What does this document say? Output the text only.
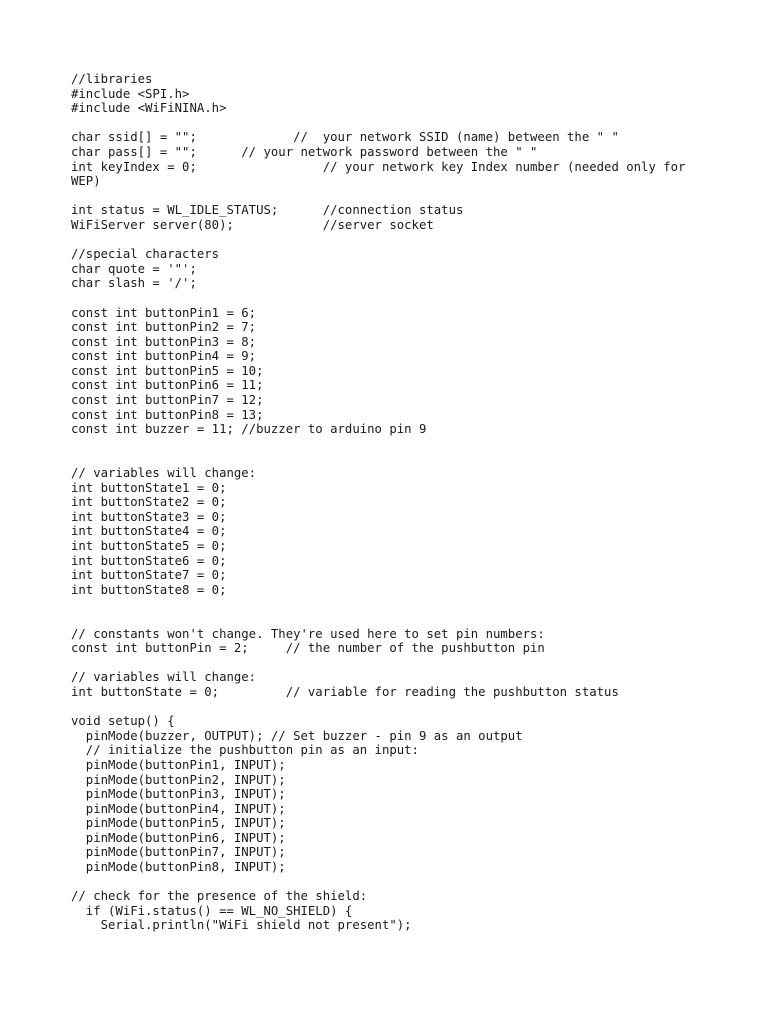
//libraries
#include <SPI.h>
#include <WiFiNINA.h>
char ssid[] = "";             //  your network SSID (name) between the " "
char pass[] = "";      // your network password between the " "
int keyIndex = 0;                 // your network key Index number (needed only for
WEP)
int status = WL_IDLE_STATUS;      //connection status
WiFiServer server(80);            //server socket
//special characters
char quote = '"';
char slash = '/';
const int buttonPin1 = 6;
const int buttonPin2 = 7;
const int buttonPin3 = 8;
const int buttonPin4 = 9;
const int buttonPin5 = 10;
const int buttonPin6 = 11;
const int buttonPin7 = 12;
const int buttonPin8 = 13;
const int buzzer = 11; //buzzer to arduino pin 9
// variables will change:
int buttonState1 = 0;
int buttonState2 = 0;
int buttonState3 = 0;
int buttonState4 = 0;
int buttonState5 = 0;
int buttonState6 = 0;
int buttonState7 = 0;
int buttonState8 = 0;
// constants won't change. They're used here to set pin numbers:
const int buttonPin = 2;     // the number of the pushbutton pin
// variables will change:
int buttonState = 0;         // variable for reading the pushbutton status
void setup() {
pinMode(buzzer, OUTPUT); // Set buzzer - pin 9 as an output
// initialize the pushbutton pin as an input:
pinMode(buttonPin1, INPUT);
pinMode(buttonPin2, INPUT);
pinMode(buttonPin3, INPUT);
pinMode(buttonPin4, INPUT);
pinMode(buttonPin5, INPUT);
pinMode(buttonPin6, INPUT);
pinMode(buttonPin7, INPUT);
pinMode(buttonPin8, INPUT);
// check for the presence of the shield:
if (WiFi.status() == WL_NO_SHIELD) {
Serial.println("WiFi shield not present");
